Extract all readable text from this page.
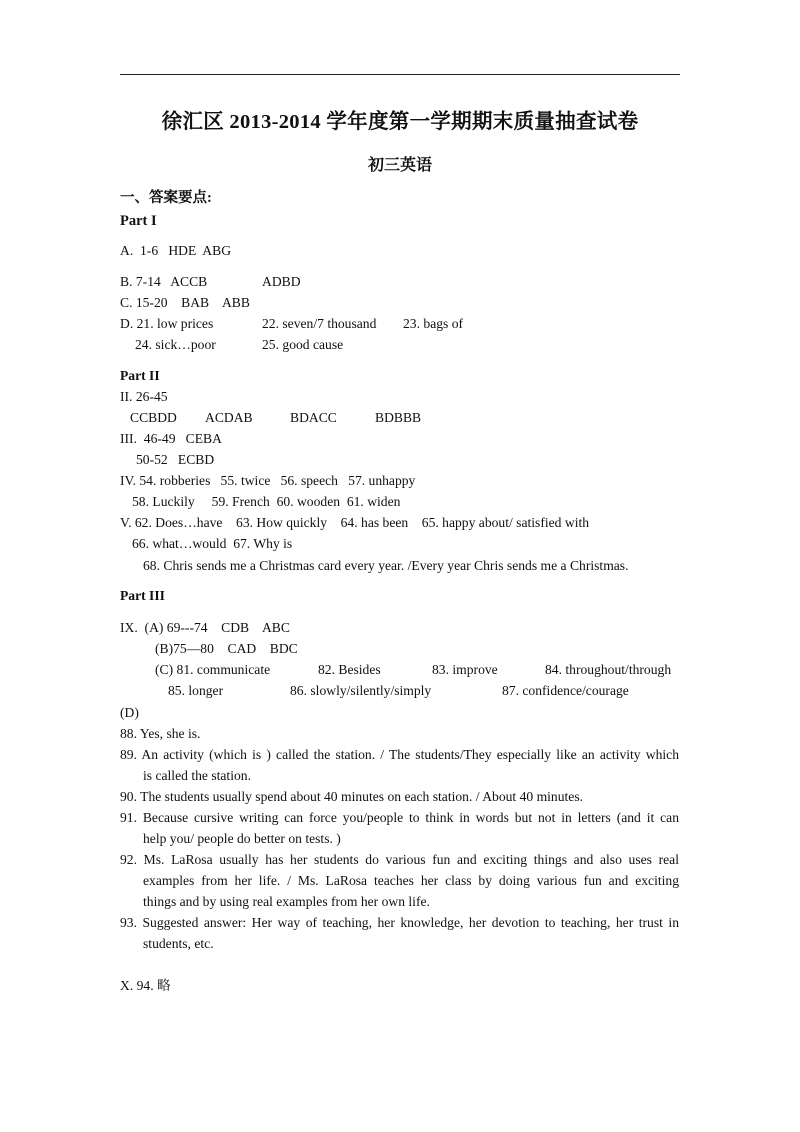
徐汇区 2013-2014 学年度第一学期期末质量抽查试卷
初三英语
一、答案要点:
Part I
A.  1-6   HDE  ABG
B. 7-14   ACCB	ADBD
C. 15-20    BAB    ABB
D. 21. low prices	22. seven/7 thousand 23. bags of
24. sick…poor	25. good cause
Part II
II. 26-45
CCBDD ACDAB	BDACC	BDBBB
III.  46-49   CEBA
50-52   ECBD
IV. 54. robberies   55. twice   56. speech   57. unhappy
58. Luckily     59. French  60. wooden  61. widen
V. 62. Does…have    63. How quickly    64. has been    65. happy about/ satisfied with
66. what…would  67. Why is
68. Chris sends me a Christmas card every year. /Every year Chris sends me a Christmas.
Part III
IX.  (A) 69---74    CDB    ABC
(B)75—80    CAD    BDC
(C) 81. communicate	82. Besides	83. improve	84. throughout/through
85. longer	86. slowly/silently/simply	87. confidence/courage
(D)
88. Yes, she is.
89. An activity (which is ) called the station. / The students/They especially like an activity which
is called the station.
90. The students usually spend about 40 minutes on each station. / About 40 minutes.
91. Because cursive writing can force you/people to think in words but not in letters (and it can
help you/ people do better on tests. )
92. Ms. LaRosa usually has her students do various fun and exciting things and also uses real
examples from her life. / Ms. LaRosa teaches her class by doing various fun and exciting
things and by using real examples from her own life.
93. Suggested answer: Her way of teaching, her knowledge, her devotion to teaching, her trust in
students, etc.
X. 94. 略
